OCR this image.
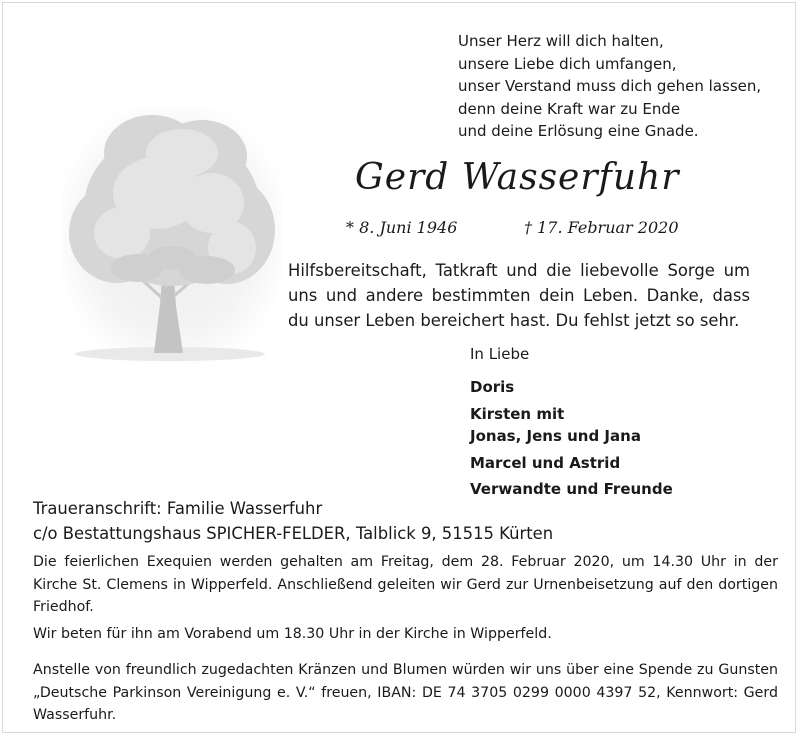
Unser Herz will dich halten,
unsere Liebe dich umfangen,
unser Verstand muss dich gehen lassen,
denn deine Kraft war zu Ende
und deine Erlösung eine Gnade.
Gerd Wasserfuhr
* 8. Juni 1946	† 17. Februar 2020
Hilfsbereitschaft, Tatkraft und die liebevolle Sorge um uns und andere bestimmten dein Leben. Danke, dass du unser Leben bereichert hast. Du fehlst jetzt so sehr.
In Liebe
Doris
Kirsten mit
Jonas, Jens und Jana
Marcel und Astrid
Verwandte und Freunde
Traueranschrift: Familie Wasserfuhr
c/o Bestattungshaus SPICHER-FELDER, Talblick 9, 51515 Kürten
Die feierlichen Exequien werden gehalten am Freitag, dem 28. Februar 2020, um 14.30 Uhr in der Kirche St. Clemens in Wipperfeld. Anschließend geleiten wir Gerd zur Urnenbeisetzung auf den dortigen Friedhof.
Wir beten für ihn am Vorabend um 18.30 Uhr in der Kirche in Wipperfeld.
Anstelle von freundlich zugedachten Kränzen und Blumen würden wir uns über eine Spende zu Gunsten „Deutsche Parkinson Vereinigung e. V.“ freuen, IBAN: DE 74 3705 0299 0000 4397 52, Kennwort: Gerd Wasserfuhr.
